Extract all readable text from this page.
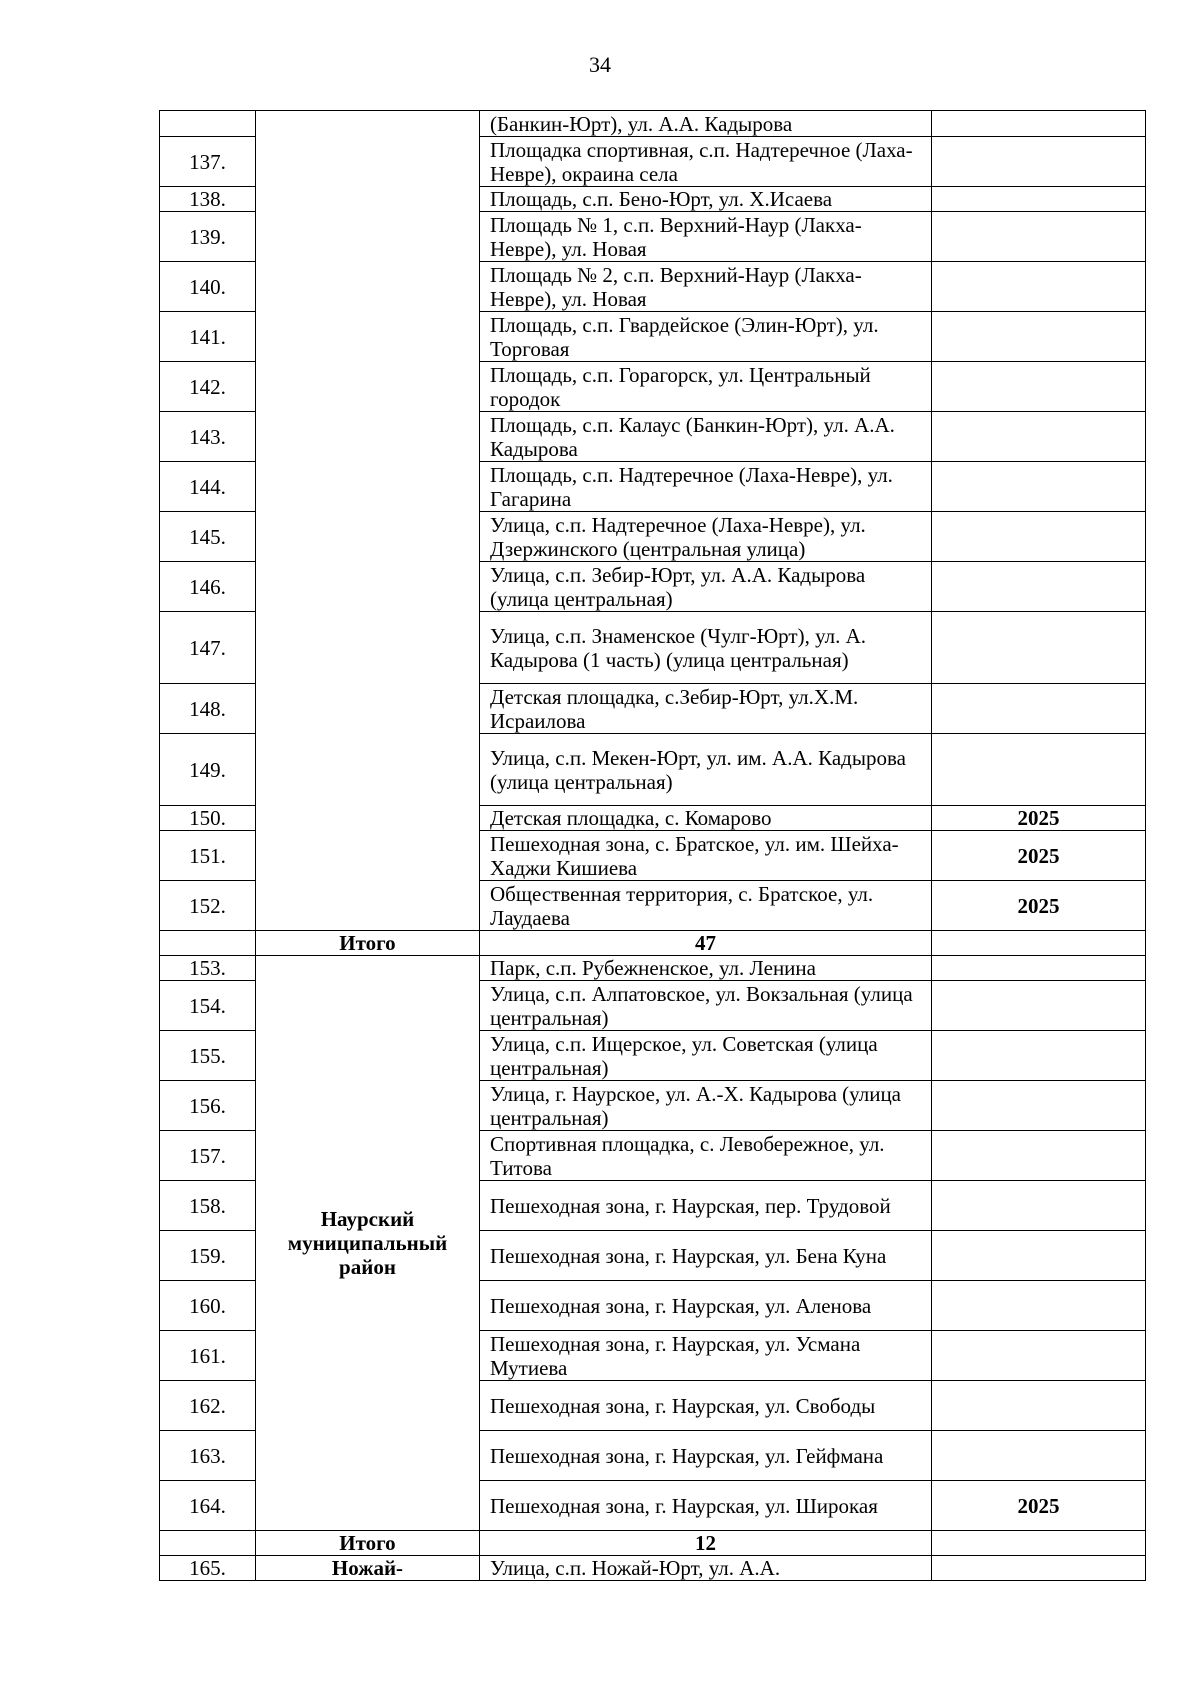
34
		(Банкин-Юрт), ул. А.А. Кадырова	
137.		Площадка спортивная, с.п. Надтеречное (Лаха-Невре), окраина села	
138.		Площадь, с.п. Бено-Юрт, ул. Х.Исаева	
139.		Площадь № 1, с.п. Верхний-Наур (Лакха-Невре), ул. Новая	
140.		Площадь № 2, с.п. Верхний-Наур (Лакха-Невре), ул. Новая	
141.		Площадь, с.п. Гвардейское (Элин-Юрт), ул. Торговая	
142.		Площадь, с.п. Горагорск, ул. Центральный городок	
143.		Площадь, с.п. Калаус (Банкин-Юрт), ул. А.А. Кадырова	
144.		Площадь, с.п. Надтеречное (Лаха-Невре), ул. Гагарина	
145.		Улица, с.п. Надтеречное (Лаха-Невре), ул. Дзержинского (центральная улица)	
146.		Улица, с.п. Зебир-Юрт, ул. А.А. Кадырова (улица центральная)	
147.		Улица, с.п. Знаменское (Чулг-Юрт), ул. А. Кадырова (1 часть) (улица центральная)	
148.		Детская площадка, с.Зебир-Юрт, ул.Х.М. Исраилова	
149.		Улица, с.п. Мекен-Юрт, ул. им. А.А. Кадырова (улица центральная)	
150.		Детская площадка, с. Комарово	2025
151.		Пешеходная зона, с. Братское, ул. им. Шейха-Хаджи Кишиева	2025
152.		Общественная территория, с. Братское, ул. Лаудаева	2025
	Итого	47	
153.	Наурский муниципальный район	Парк, с.п. Рубежненское, ул. Ленина	
154.		Улица, с.п. Алпатовское, ул. Вокзальная (улица центральная)	
155.		Улица, с.п. Ищерское, ул. Советская (улица центральная)	
156.		Улица, г. Наурское, ул. А.-Х. Кадырова (улица центральная)	
157.		Спортивная площадка, с. Левобережное, ул. Титова	
158.		Пешеходная зона, г. Наурская, пер. Трудовой	
159.		Пешеходная зона, г. Наурская, ул. Бена Куна	
160.		Пешеходная зона, г. Наурская, ул. Аленова	
161.		Пешеходная зона, г. Наурская, ул. Усмана Мутиева	
162.		Пешеходная зона, г. Наурская, ул. Свободы	
163.		Пешеходная зона, г. Наурская, ул. Гейфмана	
164.		Пешеходная зона, г. Наурская, ул. Широкая	2025
	Итого	12	
165.	Ножай-	Улица, с.п. Ножай-Юрт, ул. А.А.	
